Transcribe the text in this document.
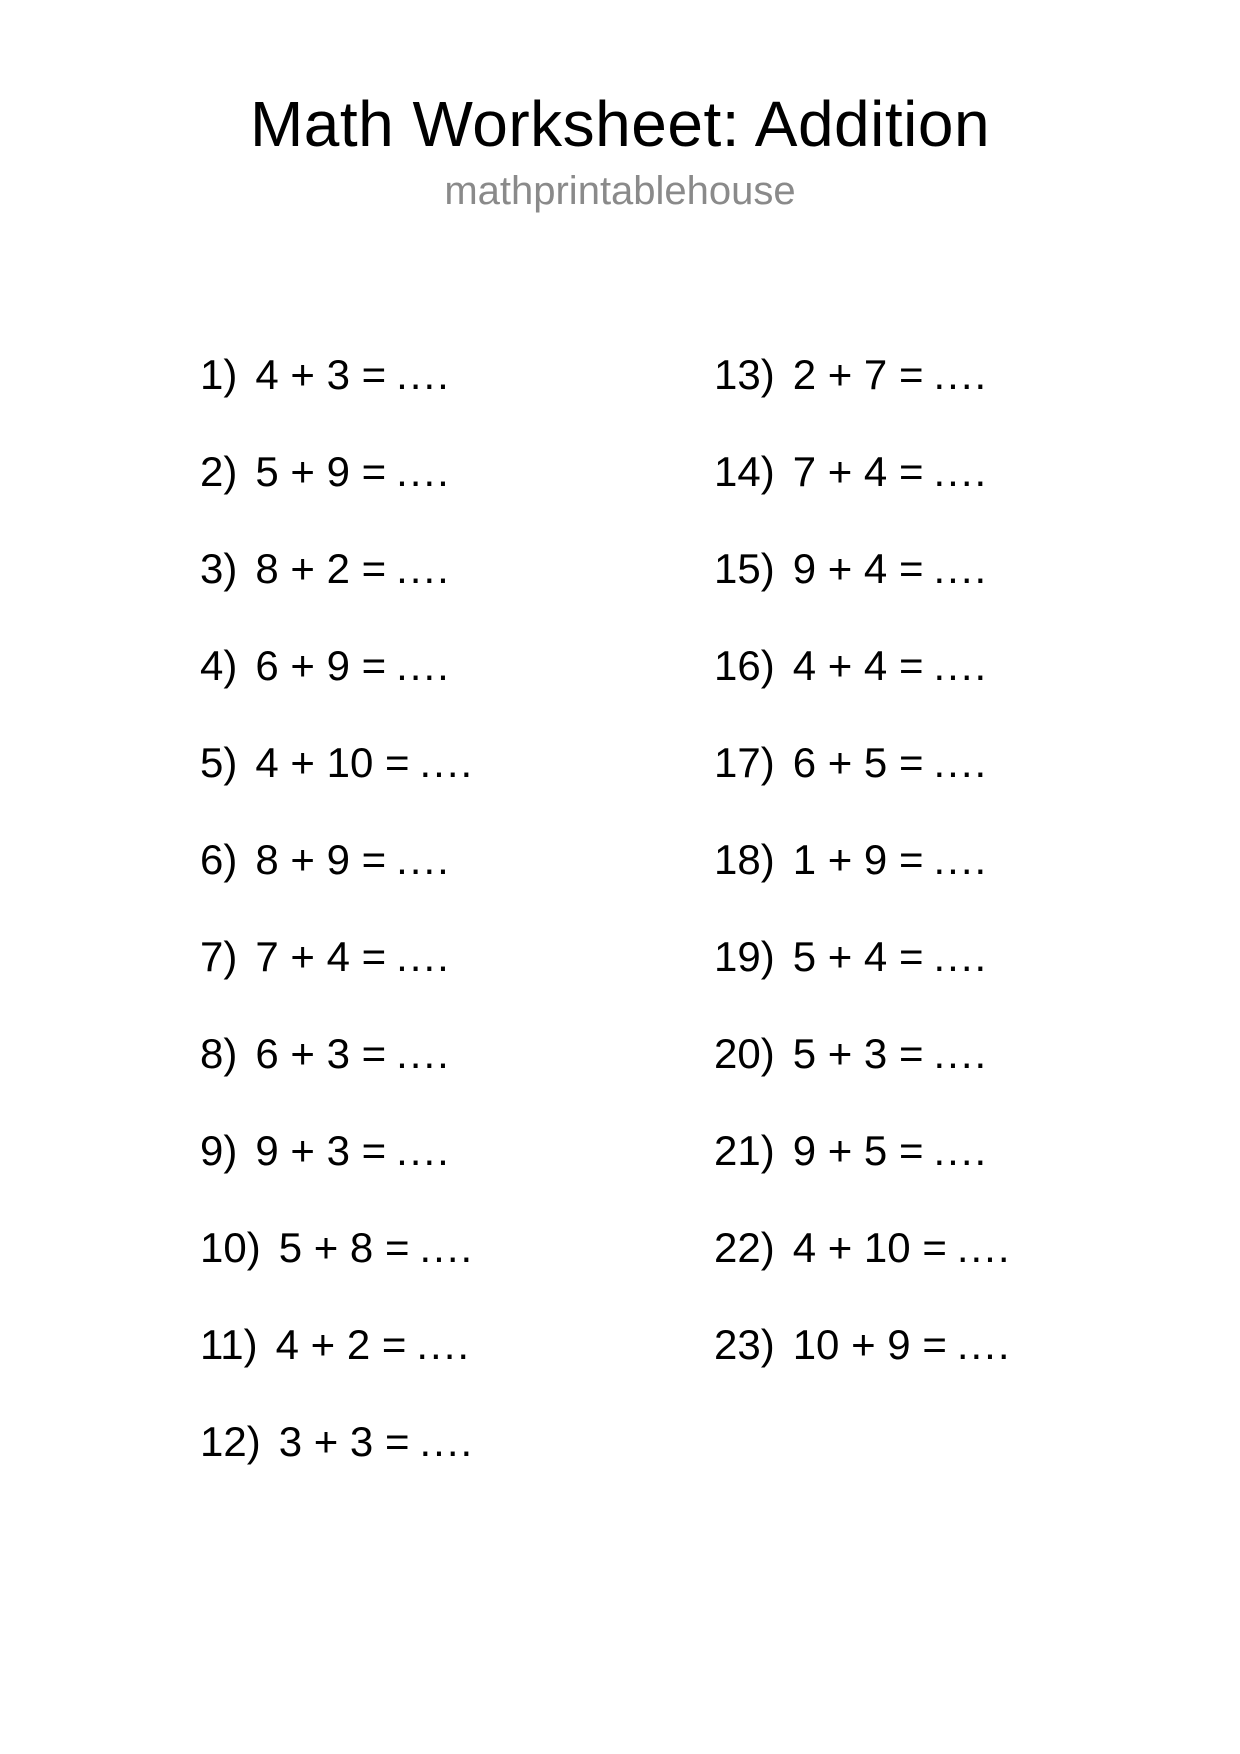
Math Worksheet: Addition
mathprintablehouse
1) 4 + 3 = ....
2) 5 + 9 = ....
3) 8 + 2 = ....
4) 6 + 9 = ....
5) 4 + 10 = ....
6) 8 + 9 = ....
7) 7 + 4 = ....
8) 6 + 3 = ....
9) 9 + 3 = ....
10) 5 + 8 = ....
11) 4 + 2 = ....
12) 3 + 3 = ....
13) 2 + 7 = ....
14) 7 + 4 = ....
15) 9 + 4 = ....
16) 4 + 4 = ....
17) 6 + 5 = ....
18) 1 + 9 = ....
19) 5 + 4 = ....
20) 5 + 3 = ....
21) 9 + 5 = ....
22) 4 + 10 = ....
23) 10 + 9 = ....
